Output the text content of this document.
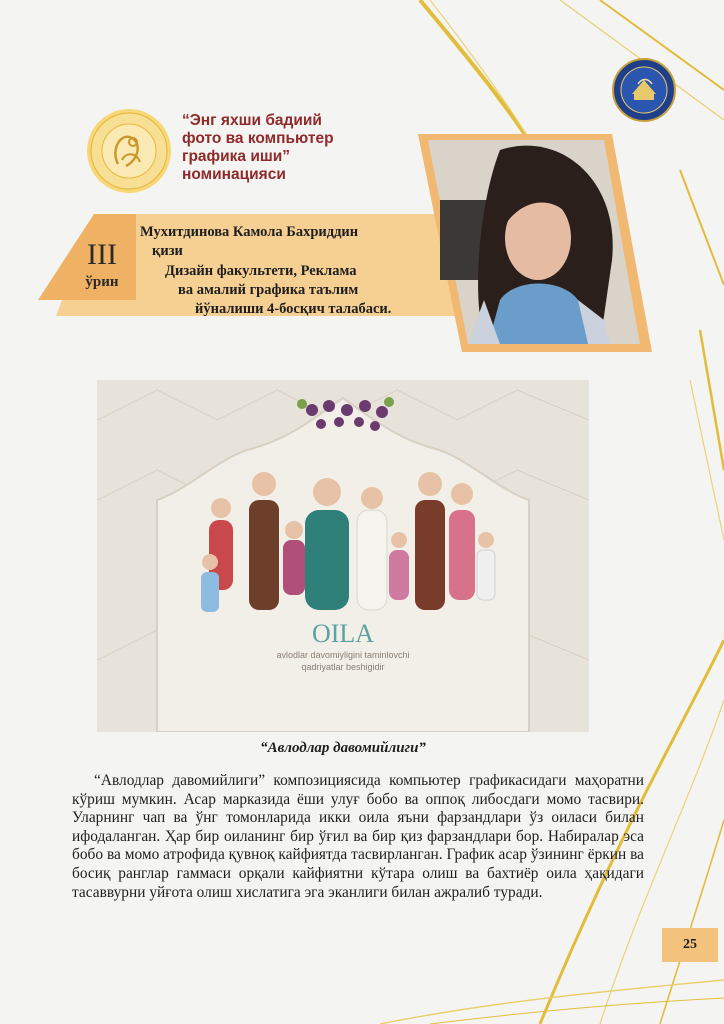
“Энг яхши бадиий
фото ва компьютер
графика иши”
номинацияси
III
ўрин
Мухитдинова Камола Бахриддин
қизи
Дизайн факультети, Реклама
ва амалий графика таълим
йўналиши 4-босқич талабаси.
OILA
avlodlar davomiyligini taminlovchi
qadriyatlar beshigidir
“Авлодлар давомийлиги”

“Авлодлар давомийлиги” композициясида компьютер графикасидаги маҳоратни кўриш мумкин. Асар марказида ёши улуғ бобо ва оппоқ либосдаги момо тасвири. Уларнинг чап ва ўнг томонларида икки оила яъни фарзандлари ўз оиласи билан ифодаланган. Ҳар бир оиланинг бир ўғил ва бир қиз фарзандлари бор. Набиралар эса бобо ва момо атрофида қувноқ кайфиятда тасвирланган. График асар ўзининг ёркин ва босиқ ранглар гаммаси орқали кайфиятни кўтара олиш ва бахтиёр оила ҳақидаги тасаввурни уйғота олиш хислатига эга эканлиги билан ажралиб туради.

25
